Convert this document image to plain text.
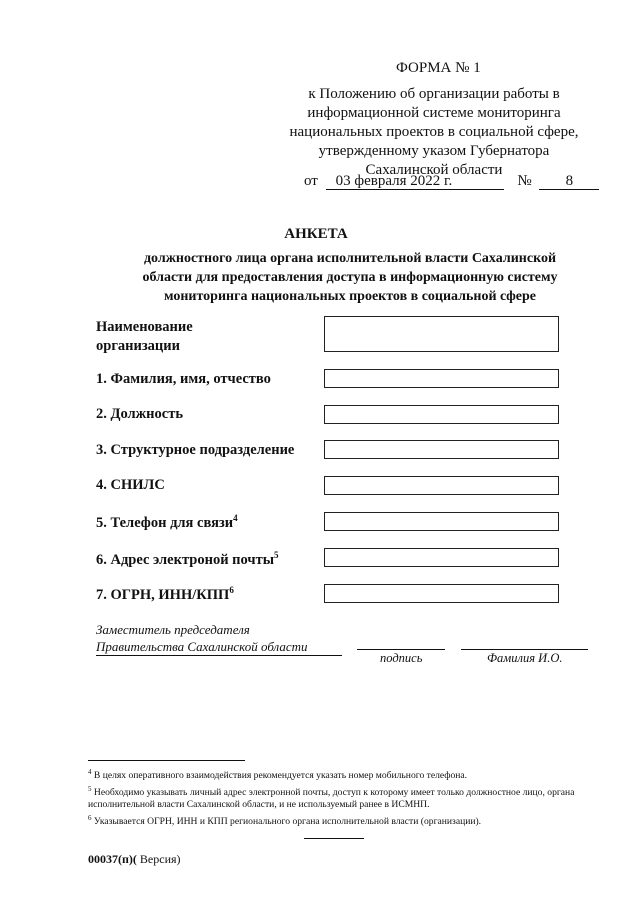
ФОРМА № 1
к Положению об организации работы в
информационной системе мониторинга
национальных проектов в социальной сфере,
утвержденному указом Губернатора
Сахалинской области
от 03 февраля 2022 г.	№ 8
АНКЕТА
должностного лица органа исполнительной власти Сахалинской
области для предоставления доступа в информационную систему
мониторинга национальных проектов в социальной сфере
Наименование
организации
1. Фамилия, имя, отчество
2. Должность
3. Структурное подразделение
4. СНИЛС
5. Телефон для связи$^4$
6. Адрес электроной почты$^5$
7. ОГРН, ИНН/КПП$^6$
Заместитель председателя
Правительства Сахалинской области
подпись	Фамилия И.О.

$^4$ В целях оперативного взаимодействия рекомендуется указать номер мобильного телефона.

$^5$ Необходимо указывать личный адрес электронной почты, доступ к которому имеет только должностное лицо, органа исполнительной власти Сахалинской области, и не используемый ранее в ИСМНП.

$^6$ Указывается ОГРН, ИНН и КПП регионального органа исполнительной власти (организации).

00037(п)( Версия)
